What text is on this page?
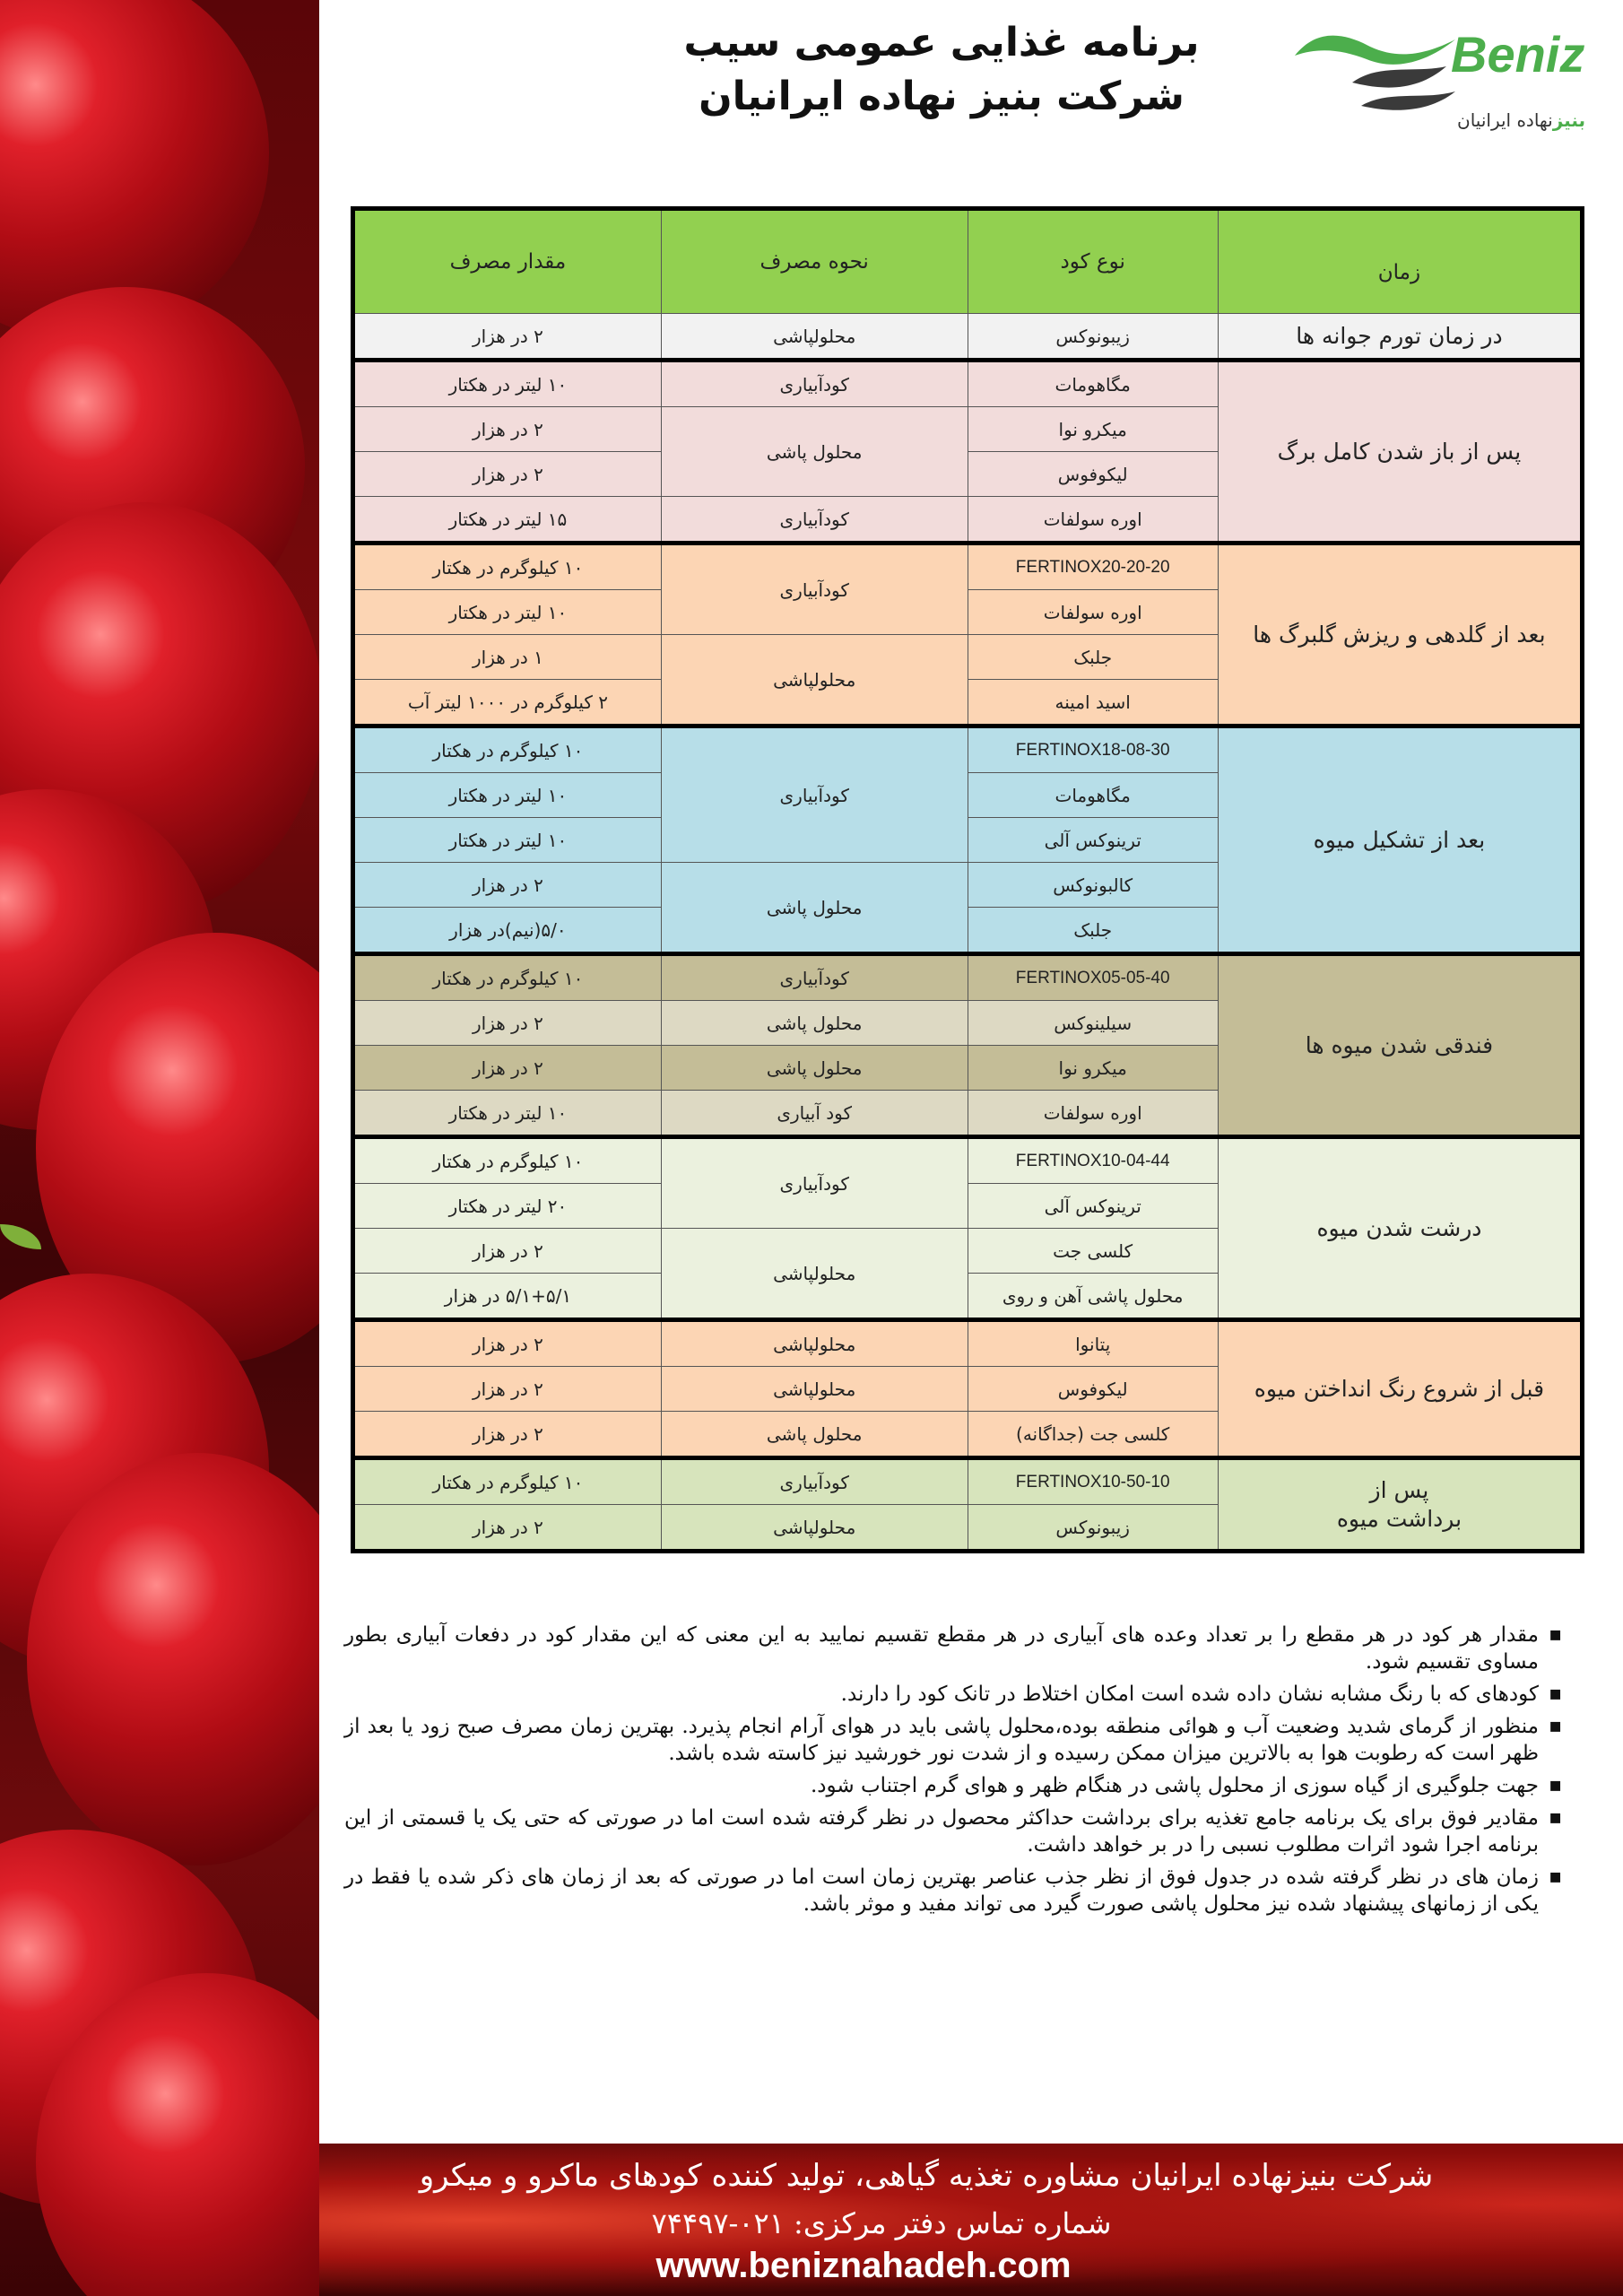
برنامه غذایی عمومی سیب
شرکت بنیز نهاده ایرانیان
Beniz
بنیزنهاده ایرانیان
زمان	نوع کود	نحوه مصرف	مقدار مصرف
در زمان تورم جوانه ها	زیبونوکس	محلولپاشی	۲ در هزار
پس از باز شدن کامل برگ	مگاهومات	کودآبیاری	۱۰ لیتر در هکتار
	میکرو نوا	محلول پاشی	۲ در هزار
	لیکوفوس		۲ در هزار
	اوره سولفات	کودآبیاری	۱۵ لیتر در هکتار
بعد از گلدهی و ریزش گلبرگ ها	FERTINOX20-20-20	کودآبیاری	۱۰ کیلوگرم در هکتار
	اوره سولفات		۱۰ لیتر در هکتار
	جلبک	محلولپاشی	۱ در هزار
	اسید امینه		۲ کیلوگرم در ۱۰۰۰ لیتر آب
بعد از تشکیل میوه	FERTINOX18-08-30	کودآبیاری	۱۰ کیلوگرم در هکتار
	مگاهومات		۱۰ لیتر در هکتار
	ترینوکس آلی		۱۰ لیتر در هکتار
	کالبونوکس	محلول پاشی	۲ در هزار
	جلبک		۵/۰(نیم)در هزار
فندقی شدن میوه ها	FERTINOX05-05-40	کودآبیاری	۱۰ کیلوگرم در هکتار
	سیلینوکس	محلول پاشی	۲ در هزار
	میکرو نوا	محلول پاشی	۲ در هزار
	اوره سولفات	کود آبیاری	۱۰ لیتر در هکتار
درشت شدن میوه	FERTINOX10-04-44	کودآبیاری	۱۰ کیلوگرم در هکتار
	ترینوکس آلی		۲۰ لیتر در هکتار
	کلسی جت	محلولپاشی	۲ در هزار
	محلول پاشی آهن و روی		۵/۱+۵/۱ در هزار
قبل از شروع رنگ انداختن میوه	پتانوا	محلولپاشی	۲ در هزار
	لیکوفوس	محلولپاشی	۲ در هزار
	کلسی جت (جداگانه)	محلول پاشی	۲ در هزار

پس از
برداشت میوه	FERTINOX10-50-10	کودآبیاری	۱۰ کیلوگرم در هکتار
	زیبونوکس	محلولپاشی	۲ در هزار
▪ مقدار هر کود در هر مقطع را بر تعداد وعده های آبیاری در هر مقطع تقسیم نمایید به این معنی که این مقدار کود در دفعات آبیاری بطور مساوی تقسیم شود.
▪ کودهای که با رنگ مشابه نشان داده شده است امکان اختلاط در تانک کود را دارند.
▪ منظور از گرمای شدید وضعیت آب و هوائی منطقه بوده،محلول پاشی باید در هوای آرام انجام پذیرد. بهترین زمان مصرف صبح زود یا بعد از ظهر است که رطوبت هوا به بالاترین میزان ممکن رسیده و از شدت نور خورشید نیز کاسته شده باشد.
▪ جهت جلوگیری از گیاه سوزی از محلول پاشی در هنگام ظهر و هوای گرم اجتناب شود.
▪ مقادیر فوق برای یک برنامه جامع تغذیه برای برداشت حداکثر محصول در نظر گرفته شده است اما در صورتی که حتی یک یا قسمتی از این برنامه اجرا شود اثرات مطلوب نسبی را در بر خواهد داشت.
▪ زمان های در نظر گرفته شده در جدول فوق از نظر جذب عناصر بهترین زمان است اما در صورتی که بعد از زمان های ذکر شده یا فقط در یکی از زمانهای پیشنهاد شده نیز محلول پاشی صورت گیرد می تواند مفید و موثر باشد.
شرکت بنیزنهاده ایرانیان مشاوره تغذیه گیاهی، تولید کننده کودهای ماکرو و میکرو
شماره تماس دفتر مرکزی: ۰۲۱-۷۴۴۹۷
www.beniznahadeh.com
